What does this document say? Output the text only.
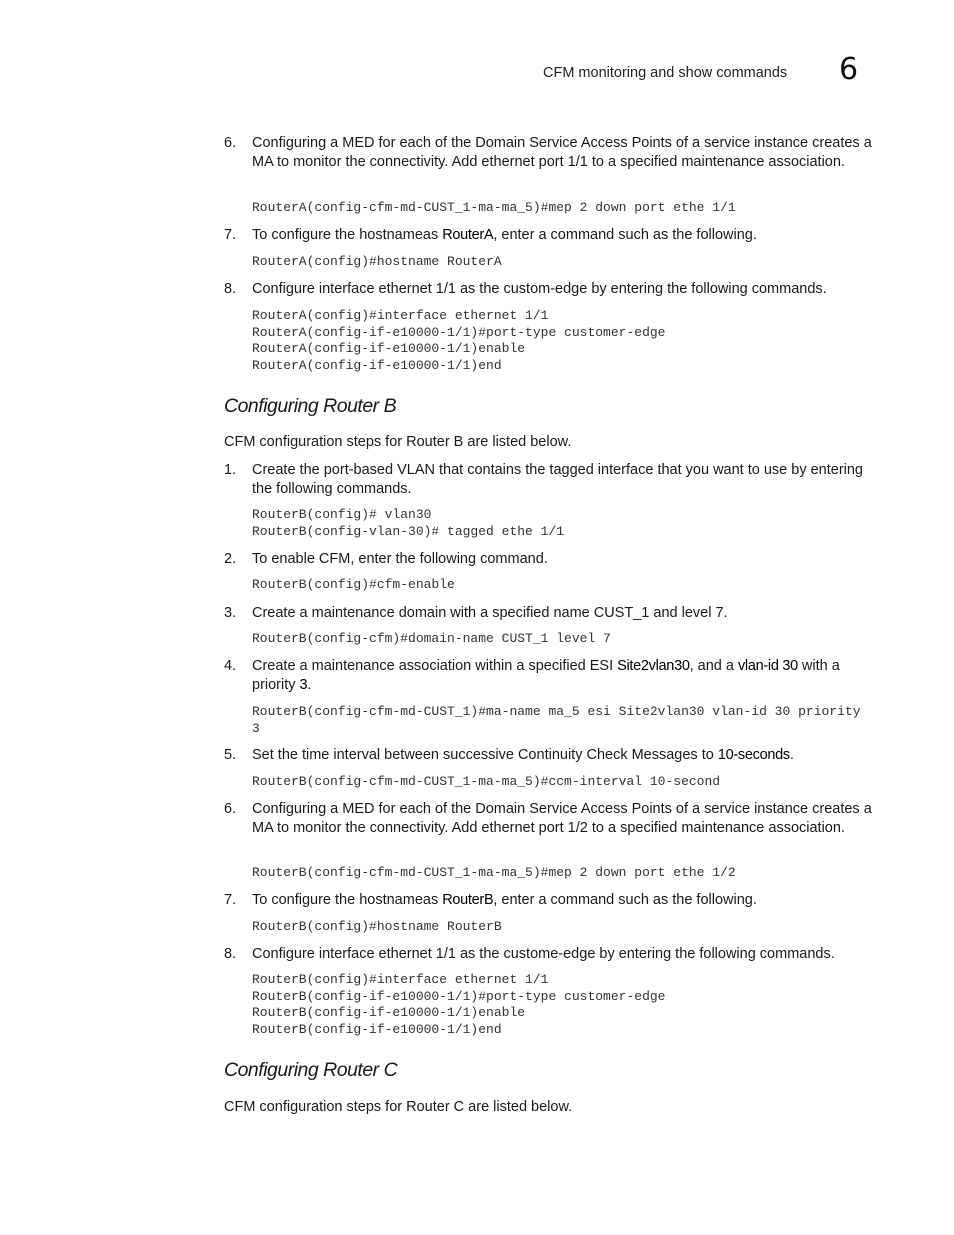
CFM monitoring and show commands 6
6. Configuring a MED for each of the Domain Service Access Points of a service instance creates a MA to monitor the connectivity. Add ethernet port 1/1 to a specified maintenance association.
RouterA(config-cfm-md-CUST_1-ma-ma_5)#mep 2 down port ethe 1/1
7. To configure the hostnameas RouterA, enter a command such as the following.
RouterA(config)#hostname RouterA
8. Configure interface ethernet 1/1 as the custom-edge by entering the following commands.
RouterA(config)#interface ethernet 1/1
RouterA(config-if-e10000-1/1)#port-type customer-edge
RouterA(config-if-e10000-1/1)enable
RouterA(config-if-e10000-1/1)end
Configuring Router B
CFM configuration steps for Router B are listed below.
1. Create the port-based VLAN that contains the tagged interface that you want to use by entering the following commands.
RouterB(config)# vlan30
RouterB(config-vlan-30)# tagged ethe 1/1
2. To enable CFM, enter the following command.
RouterB(config)#cfm-enable
3. Create a maintenance domain with a specified name CUST_1 and level 7.
RouterB(config-cfm)#domain-name CUST_1 level 7
4. Create a maintenance association within a specified ESI Site2vlan30, and a vlan-id 30 with a priority 3.
RouterB(config-cfm-md-CUST_1)#ma-name ma_5 esi Site2vlan30 vlan-id 30 priority
3
5. Set the time interval between successive Continuity Check Messages to 10-seconds.
RouterB(config-cfm-md-CUST_1-ma-ma_5)#ccm-interval 10-second
6. Configuring a MED for each of the Domain Service Access Points of a service instance creates a MA to monitor the connectivity. Add ethernet port 1/2 to a specified maintenance association.
RouterB(config-cfm-md-CUST_1-ma-ma_5)#mep 2 down port ethe 1/2
7. To configure the hostnameas RouterB, enter a command such as the following.
RouterB(config)#hostname RouterB
8. Configure interface ethernet 1/1 as the custome-edge by entering the following commands.
RouterB(config)#interface ethernet 1/1
RouterB(config-if-e10000-1/1)#port-type customer-edge
RouterB(config-if-e10000-1/1)enable
RouterB(config-if-e10000-1/1)end
Configuring Router C
CFM configuration steps for Router C are listed below.
